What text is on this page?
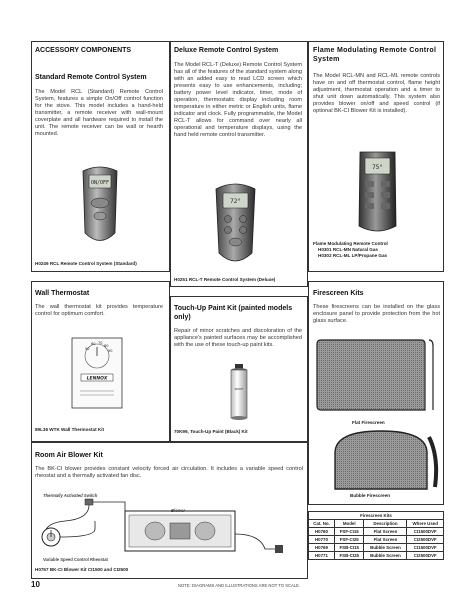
ACCESSORY COMPONENTS
Standard Remote Control System
The Model RCL (Standard) Remote Control System, features a simple On/Off control function for the stove. This model includes a hand-held transmitter, a remote receiver with wall-mount coverplate and all hardware required to install the unit. The remote receiver can be wall or hearth mounted.
ON/OFF
H0249 RCL Remote Control System (Standard)
Deluxe Remote Control System
The Model RCL-T (Deluxe) Remote Control System has all of the features of the standard system along with an added easy to read LCD screen which presents easy to use enhancements, including; battery power level indicator, timer, mode of operation, thermostatic display including room temperature in either metric or English units, flame indicator and clock. Fully programmable, the Model RCL-T allows for command over nearly all operational and temperature displays, using the hand held remote control transmitter.
72°
H0251 RCL-T Remote Control System (Deluxe)
Flame Modulating Remote Control System
The Model RCL-MN and RCL-ML remote controls have on and off thermostat control, flame height adjustment, thermostat operation and a timer to shut unit down automatically. This system also provides blower on/off and speed control (if optional BK-CI Blower Kit is installed).
75°
Flame Modulating Remote Control
H0301 RCL-MN Natural Gas
H0302 RCL-ML LP/Propane Gas
Wall Thermostat
The wall thermostat kit provides temperature control for optimum comfort.
50
60 70
80
90
LENNOX
89L36 WTK Wall Thermostat Kit
Touch-Up Paint Kit (painted models only)
Repair of minor scratches and discoloration of the appliance's painted surfaces may be accomplished with the use of these touch-up paint kits.
PAINT
70K99, Touch-Up Paint (Black) Kit
Firescreen Kits
These firescreens can be installed on the glass enclosure panel to provide protection from the hot glass surface.
Flat Firescreen
Bubble Firescreen
Firescreen Kits			
Cat. No.	Model	Description	Where Used
H0760	FSF-CI15	Flat Screen	CI1500DVF
H0770	FSF-CI25	Flat Screen	CI2500DVF
H0769	FSB-CI15	Bubble Screen	CI1500DVF
H0771	FSB-CI25	Bubble Screen	CI2500DVF
Room Air Blower Kit
The BK-CI blower provides constant velocity forced air circulation. It includes a variable speed control rheostat and a thermally activated fan disc.
Thermally Activated Switch
Blower
Variable Speed Control Rheostat
H0767 BK-CI Blower Kit CI1500 and CI2500
10	NOTE: DIAGRAMS AND ILLUSTRATIONS ARE NOT TO SCALE.
